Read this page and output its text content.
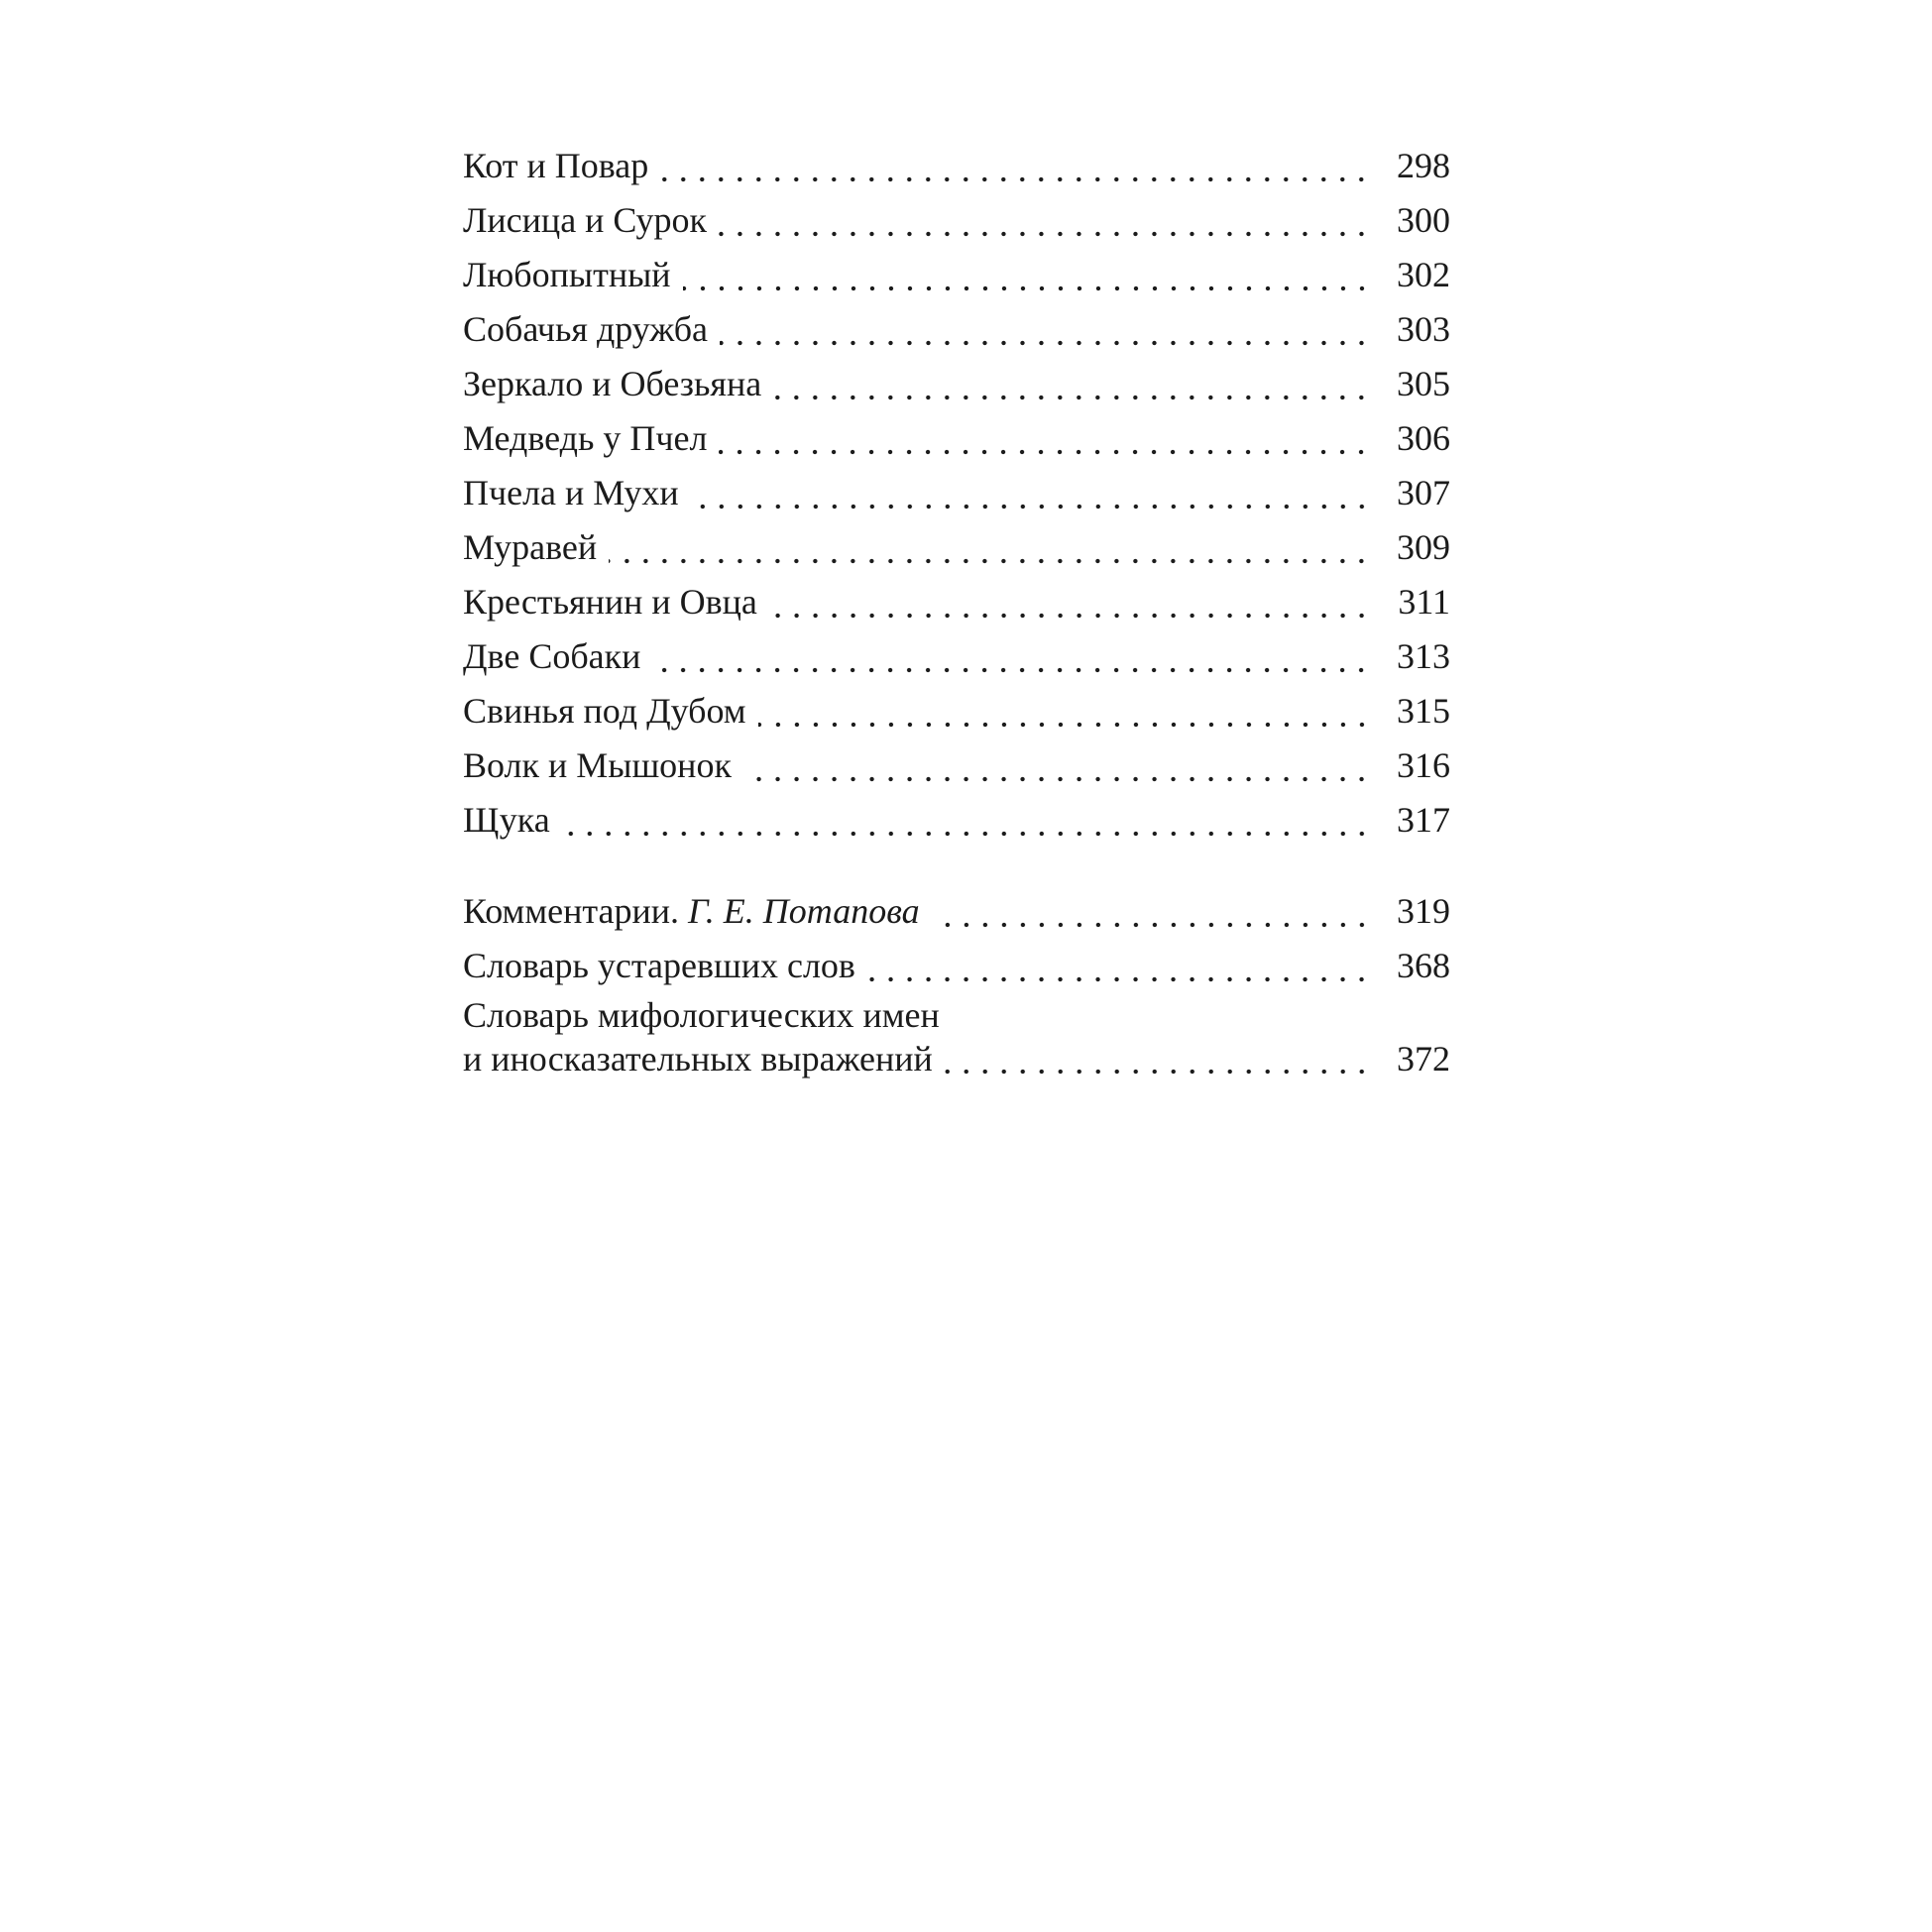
Кот и Повар	298
Лисица и Сурок	300
Любопытный	302
Собачья дружба	303
Зеркало и Обезьяна	305
Медведь у Пчел	306
Пчела и Мухи	307
Муравей	309
Крестьянин и Овца	311
Две Собаки	313
Свинья под Дубом	315
Волк и Мышонок	316
Щука	317
Комментарии. Г. Е. Потапова	319
Словарь устаревших слов	368
Словарь мифологических имен
и иносказательных выражений	372
